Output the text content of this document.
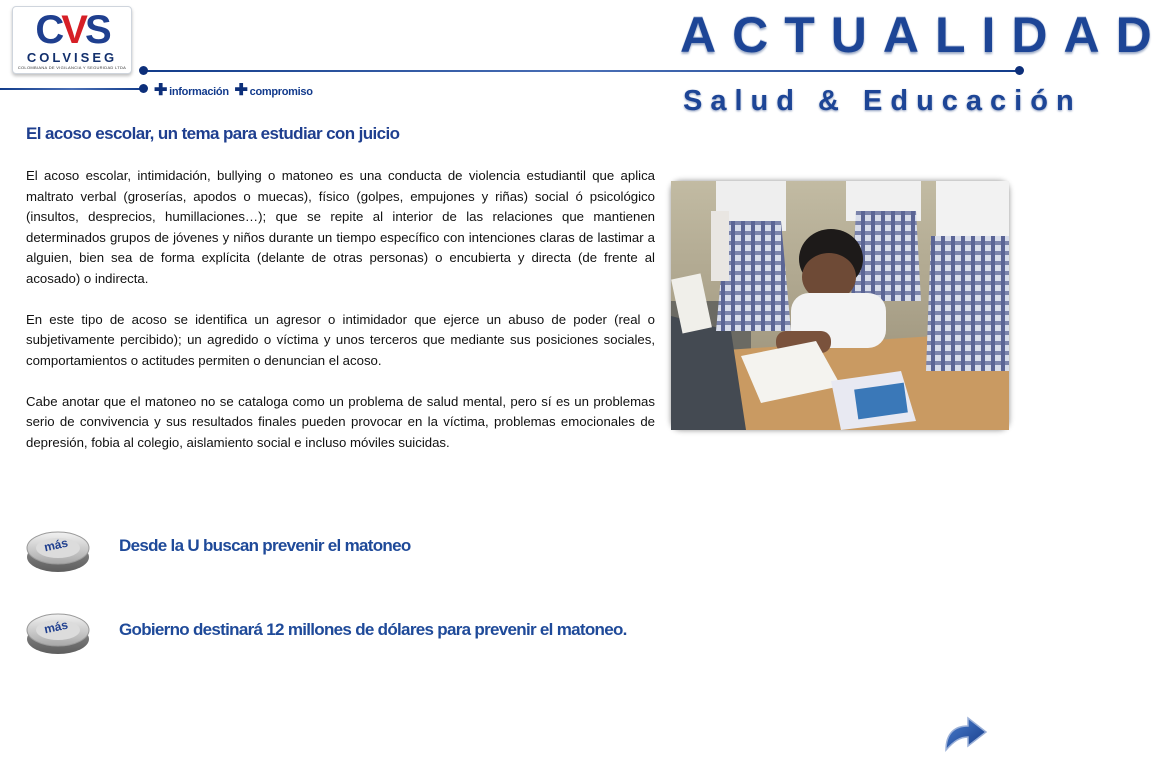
CVS
COLVISEG
COLOMBIANA DE VIGILANCIA Y SEGURIDAD LTDA
✚ información ✚ compromiso
ACTUALIDAD
Salud & Educación
El acoso escolar, un tema para estudiar con juicio

El acoso escolar, intimidación, bullying o matoneo es una conducta de violencia estudiantil que aplica maltrato verbal (groserías, apodos o muecas), físico (golpes, empujones y riñas) social ó psicológico (insultos, desprecios, humillaciones…); que se repite al interior de las relaciones que mantienen determinados grupos de jóvenes y niños durante un tiempo específico con intenciones claras de lastimar a alguien, bien sea de forma explícita (delante de otras personas) o encubierta y directa (de frente al acosado) o indirecta.

En este tipo de acoso se identifica un agresor o intimidador que ejerce un abuso de poder (real o subjetivamente percibido); un agredido o víctima y unos terceros que mediante sus posiciones sociales, comportamientos o actitudes permiten o denuncian el acoso.

Cabe anotar que el matoneo no se cataloga como un problema de salud mental, pero sí es un problemas serio de convivencia y sus resultados finales pueden provocar en la víctima, problemas emocionales de depresión, fobia al colegio, aislamiento social e incluso móviles suicidas.

más	Desde la U buscan prevenir el matoneo
más	Gobierno destinará 12 millones de dólares para prevenir el matoneo.
